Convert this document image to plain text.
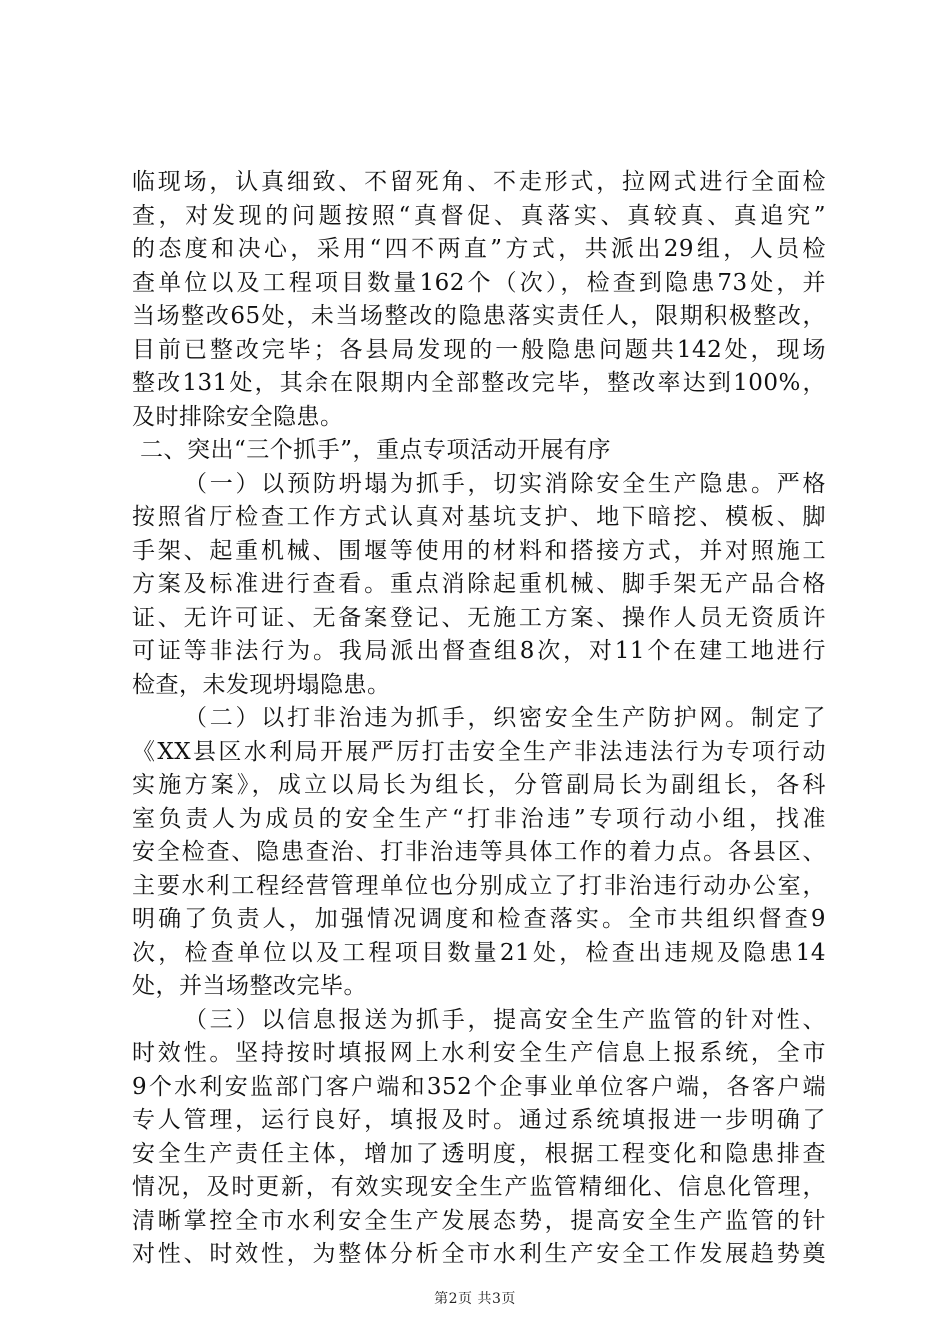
临现场，认真细致、不留死角、不走形式，拉网式进行全面检
查，对发现的问题按照“真督促、真落实、真较真、真追究”
的态度和决心，采用“四不两直”方式，共派出29组，人员检
查单位以及工程项目数量162个（次），检查到隐患73处，并
当场整改65处，未当场整改的隐患落实责任人，限期积极整改，
目前已整改完毕；各县局发现的一般隐患问题共142处，现场
整改131处，其余在限期内全部整改完毕，整改率达到100%，
及时排除安全隐患。
二、突出“三个抓手”，重点专项活动开展有序
（一）以预防坍塌为抓手，切实消除安全生产隐患。严格
按照省厅检查工作方式认真对基坑支护、地下暗挖、模板、脚
手架、起重机械、围堰等使用的材料和搭接方式，并对照施工
方案及标准进行查看。重点消除起重机械、脚手架无产品合格
证、无许可证、无备案登记、无施工方案、操作人员无资质许
可证等非法行为。我局派出督查组8次，对11个在建工地进行
检查，未发现坍塌隐患。
（二）以打非治违为抓手，织密安全生产防护网。制定了
《XX县区水利局开展严厉打击安全生产非法违法行为专项行动
实施方案》，成立以局长为组长，分管副局长为副组长，各科
室负责人为成员的安全生产“打非治违”专项行动小组，找准
安全检查、隐患查治、打非治违等具体工作的着力点。各县区、
主要水利工程经营管理单位也分别成立了打非治违行动办公室，
明确了负责人，加强情况调度和检查落实。全市共组织督查9
次，检查单位以及工程项目数量21处，检查出违规及隐患14
处，并当场整改完毕。
（三）以信息报送为抓手，提高安全生产监管的针对性、
时效性。坚持按时填报网上水利安全生产信息上报系统，全市
9个水利安监部门客户端和352个企事业单位客户端，各客户端
专人管理，运行良好，填报及时。通过系统填报进一步明确了
安全生产责任主体，增加了透明度，根据工程变化和隐患排查
情况，及时更新，有效实现安全生产监管精细化、信息化管理，
清晰掌控全市水利安全生产发展态势，提高安全生产监管的针
对性、时效性，为整体分析全市水利生产安全工作发展趋势奠
第2页 共3页
